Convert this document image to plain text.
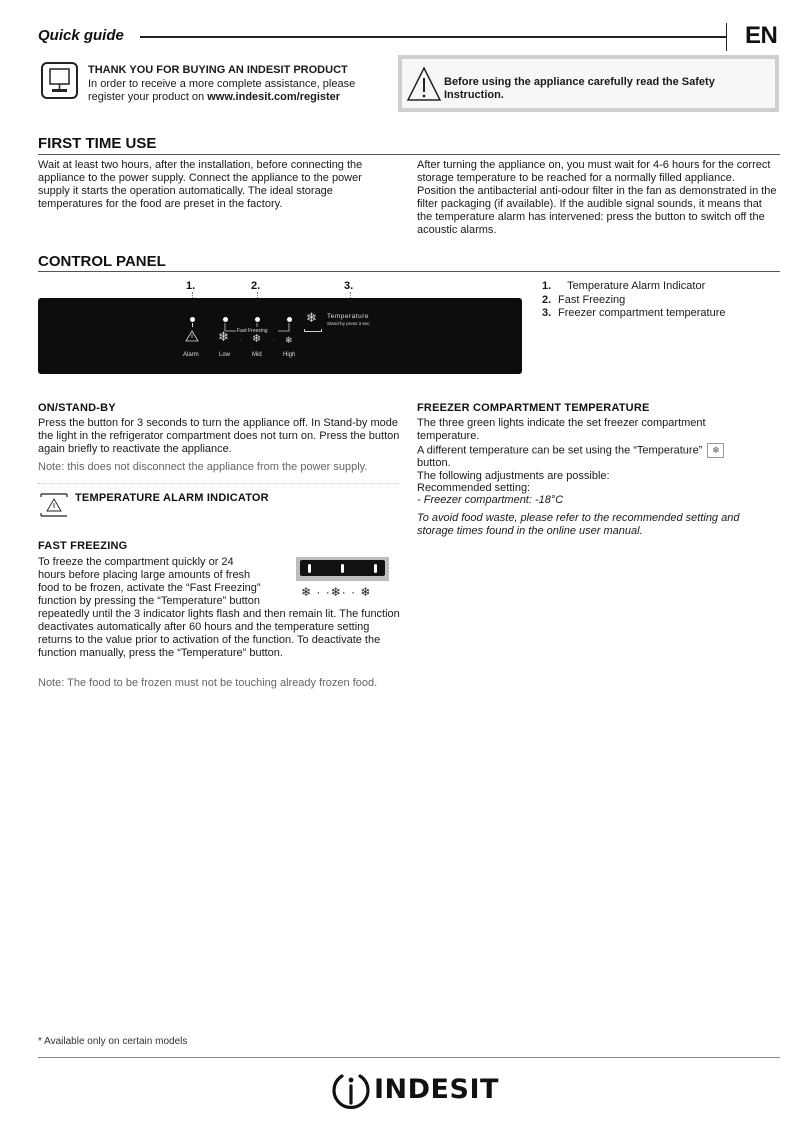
Quick guide	EN
THANK YOU FOR BUYING AN INDESIT PRODUCT
In order to receive a more complete assistance, please
register your product on www.indesit.com/register
Before using the appliance carefully read the Safety Instruction.
FIRST TIME USE
Wait at least two hours, after the installation, before connecting the appliance to the power supply. Connect the appliance to the power supply it starts the operation automatically. The ideal storage temperatures for the food are preset in the factory.
After turning the appliance on, you must wait for 4-6 hours for the correct storage temperature to be reached for a normally filled appliance. Position the antibacterial anti-odour filter in the fan as demonstrated in the filter packaging (if available). If the audible signal sounds, it means that the temperature alarm has intervened: press the button to switch off the acoustic alarms.
CONTROL PANEL
1.	2.	3.
Alarm
Fast Freezing
❄ · ❄ · ❄
Low	Mid	High
❄ Temperature
Stand-by press 3 sec.
1. Temperature Alarm Indicator
2. Fast Freezing
3. Freezer compartment temperature
ON/STAND-BY
Press the button for 3 seconds to turn the appliance off. In Stand-by mode the light in the refrigerator compartment does not turn on. Press the button again briefly to reactivate the appliance.
Note: this does not disconnect the appliance from the power supply.
TEMPERATURE ALARM INDICATOR
FAST FREEZING
To freeze the compartment quickly or 24
hours before placing large amounts of fresh
food to be frozen, activate the “Fast Freezing”
function by pressing the “Temperature” button
repeatedly until the 3 indicator lights flash and then remain lit. The function deactivates automatically after 60 hours and the temperature setting returns to the value prior to activation of the function. To deactivate the function manually, press the “Temperature” button.
Note: The food to be frozen must not be touching already frozen food.
❄ · ·❄· · ❄
FREEZER COMPARTMENT TEMPERATURE
The three green lights indicate the set freezer compartment temperature.
A different temperature can be set using the “Temperature” ❄
button.
The following adjustments are possible:
Recommended setting:
- Freezer compartment: -18°C
To avoid food waste, please refer to the recommended setting and storage times found in the online user manual.
* Available only on certain models
INDESIT
